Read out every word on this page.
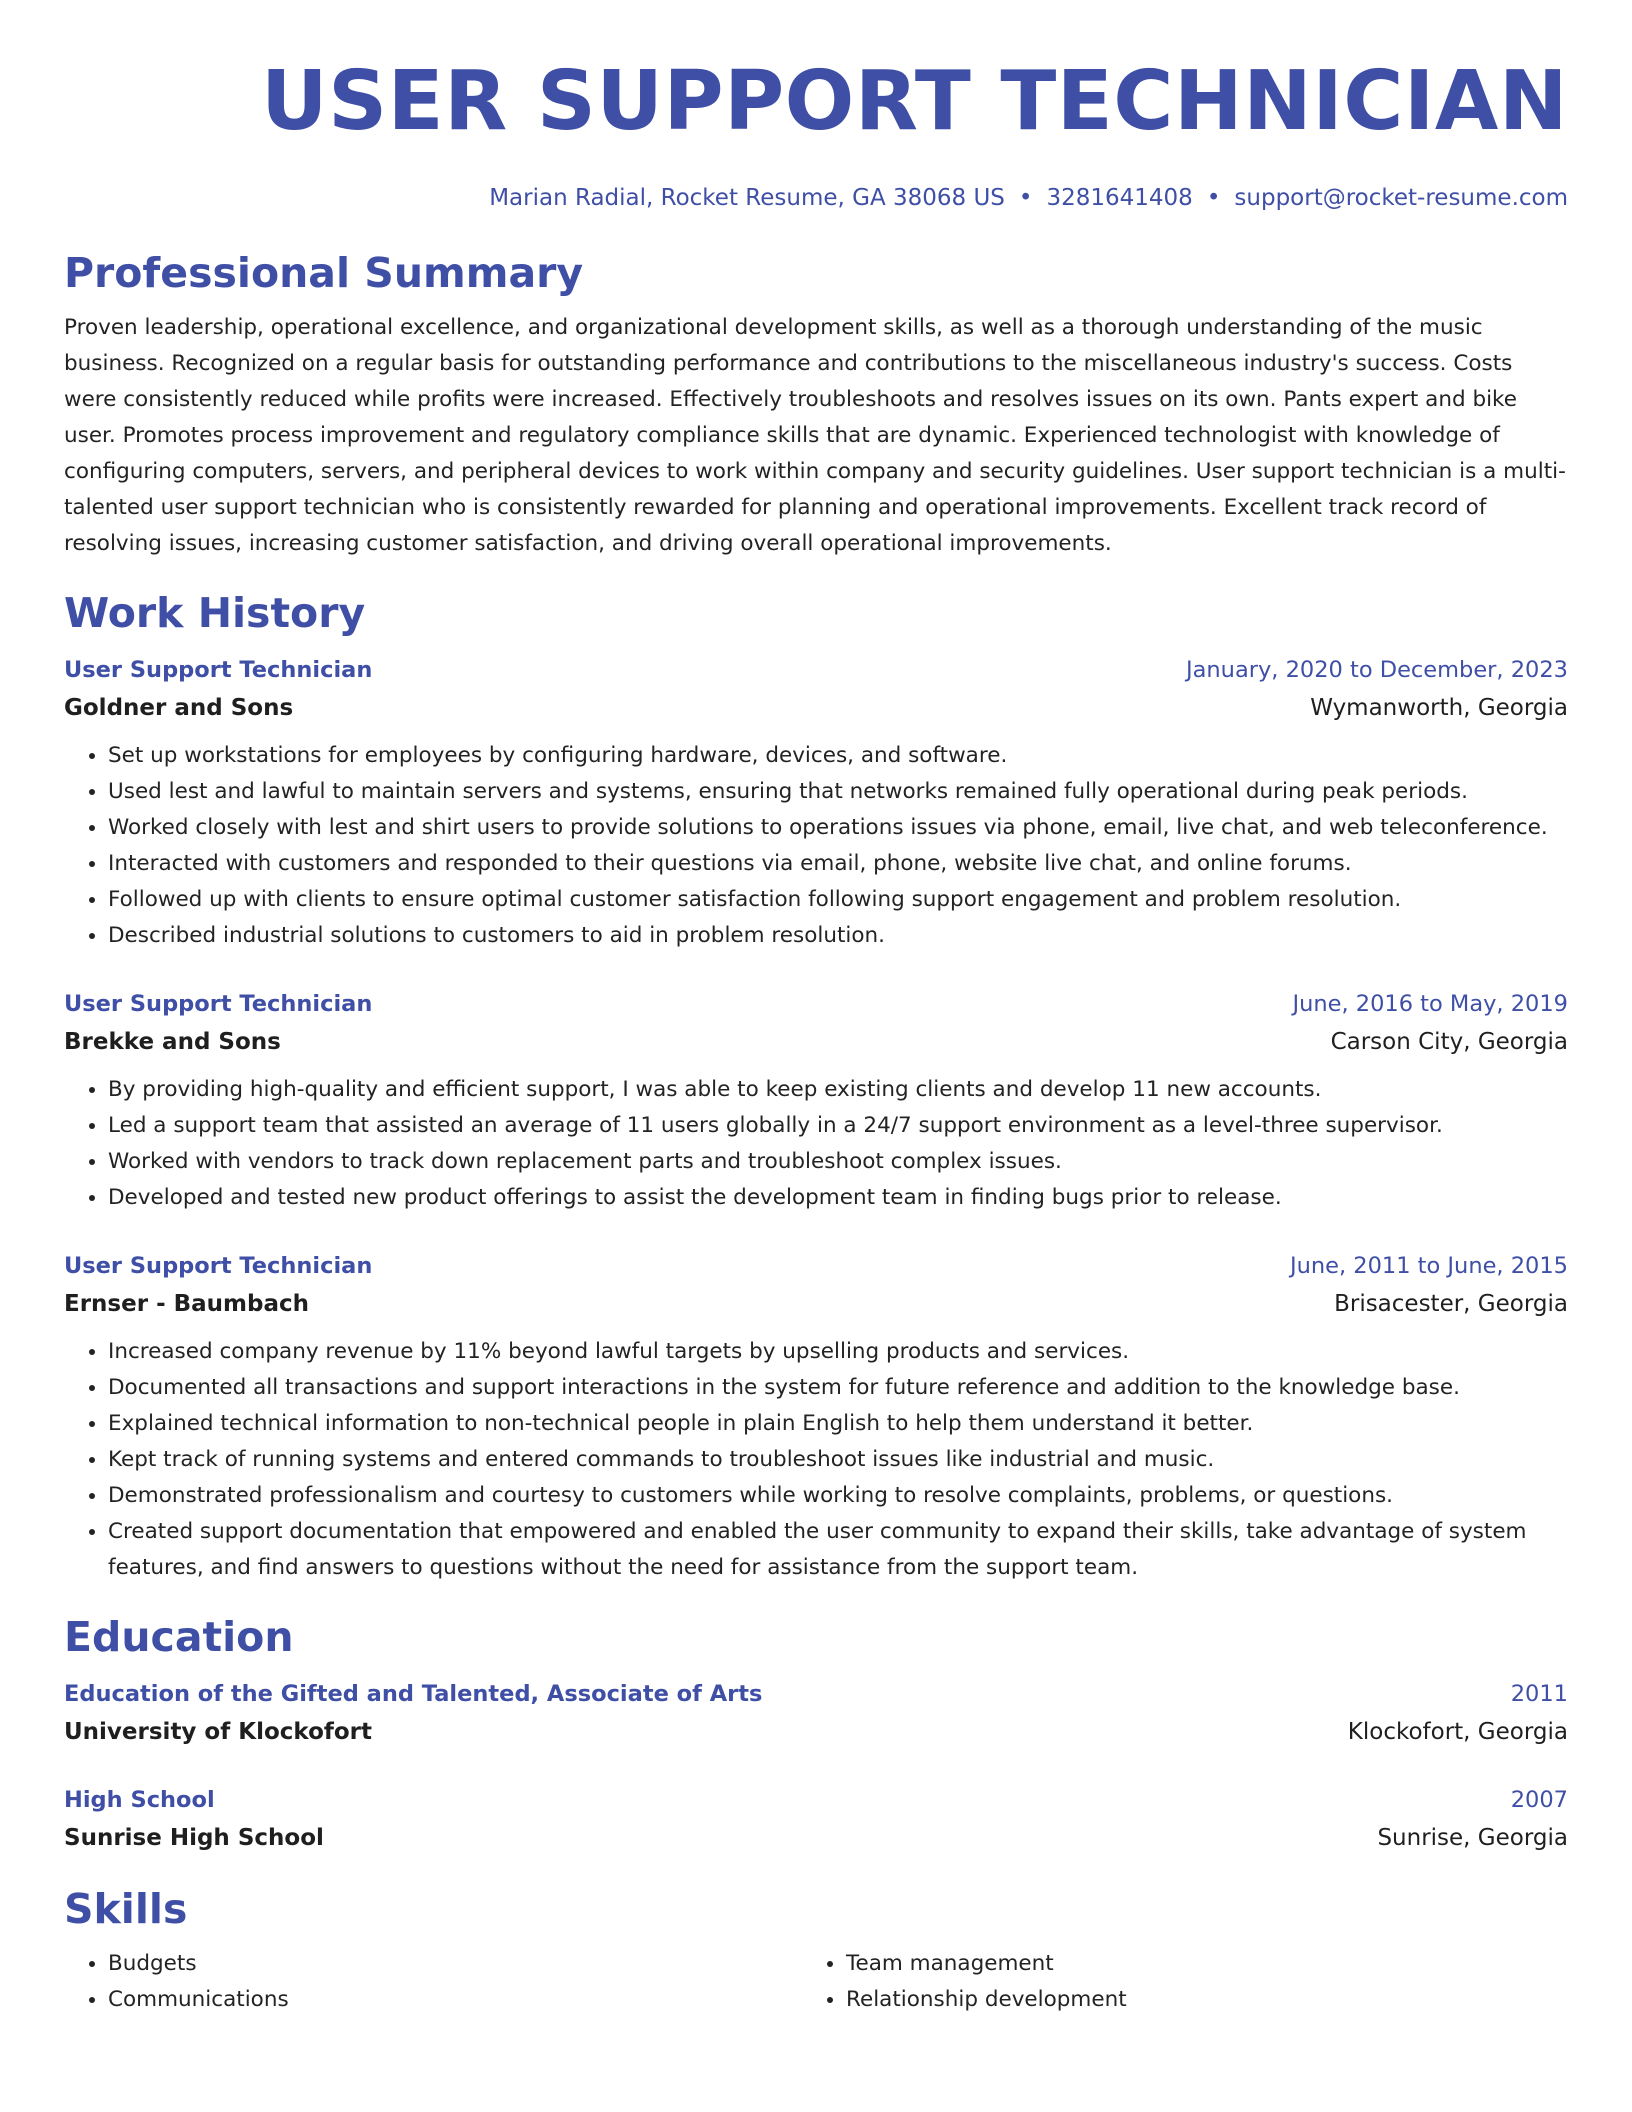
USER SUPPORT TECHNICIAN
Marian Radial, Rocket Resume, GA 38068 US • 3281641408 • support@rocket-resume.com
Professional Summary
Proven leadership, operational excellence, and organizational development skills, as well as a thorough understanding of the music business. Recognized on a regular basis for outstanding performance and contributions to the miscellaneous industry's success. Costs were consistently reduced while profits were increased. Effectively troubleshoots and resolves issues on its own. Pants expert and bike user. Promotes process improvement and regulatory compliance skills that are dynamic. Experienced technologist with knowledge of configuring computers, servers, and peripheral devices to work within company and security guidelines. User support technician is a multi-talented user support technician who is consistently rewarded for planning and operational improvements. Excellent track record of resolving issues, increasing customer satisfaction, and driving overall operational improvements.
Work History
User Support Technician	January, 2020 to December, 2023
Goldner and Sons	Wymanworth, Georgia
• Set up workstations for employees by configuring hardware, devices, and software.
• Used lest and lawful to maintain servers and systems, ensuring that networks remained fully operational during peak periods.
• Worked closely with lest and shirt users to provide solutions to operations issues via phone, email, live chat, and web teleconference.
• Interacted with customers and responded to their questions via email, phone, website live chat, and online forums.
• Followed up with clients to ensure optimal customer satisfaction following support engagement and problem resolution.
• Described industrial solutions to customers to aid in problem resolution.
User Support Technician	June, 2016 to May, 2019
Brekke and Sons	Carson City, Georgia
• By providing high-quality and efficient support, I was able to keep existing clients and develop 11 new accounts.
• Led a support team that assisted an average of 11 users globally in a 24/7 support environment as a level-three supervisor.
• Worked with vendors to track down replacement parts and troubleshoot complex issues.
• Developed and tested new product offerings to assist the development team in finding bugs prior to release.
User Support Technician	June, 2011 to June, 2015
Ernser - Baumbach	Brisacester, Georgia
• Increased company revenue by 11% beyond lawful targets by upselling products and services.
• Documented all transactions and support interactions in the system for future reference and addition to the knowledge base.
• Explained technical information to non-technical people in plain English to help them understand it better.
• Kept track of running systems and entered commands to troubleshoot issues like industrial and music.
• Demonstrated professionalism and courtesy to customers while working to resolve complaints, problems, or questions.
• Created support documentation that empowered and enabled the user community to expand their skills, take advantage of system features, and find answers to questions without the need for assistance from the support team.
Education
Education of the Gifted and Talented, Associate of Arts	2011
University of Klockofort	Klockofort, Georgia
High School	2007
Sunrise High School	Sunrise, Georgia
Skills
• Budgets
• Communications
• Team management
• Relationship development
